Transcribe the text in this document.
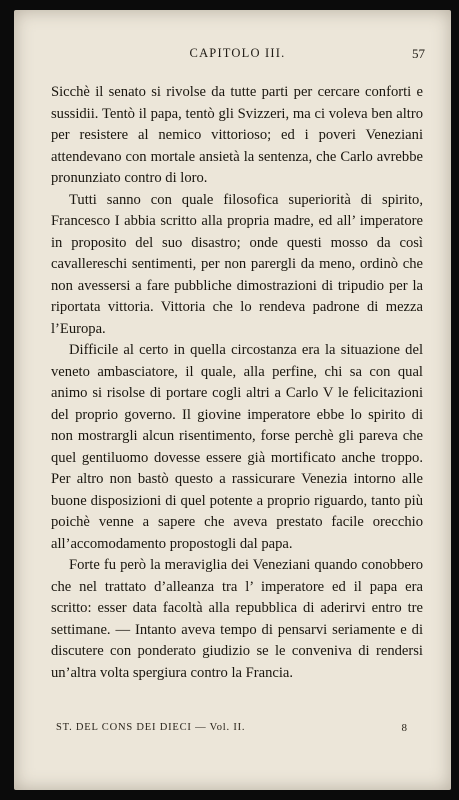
CAPITOLO III.	57

Sicchè il senato si rivolse da tutte parti per cercare conforti e sussidii. Tentò il papa, tentò gli Svizzeri, ma ci voleva ben altro per resistere al nemico vittorioso; ed i poveri Veneziani attendevano con mortale ansietà la sentenza, che Carlo avrebbe pronunziato contro di loro.

Tutti sanno con quale filosofica superiorità di spirito, Francesco I abbia scritto alla propria madre, ed all’ imperatore in proposito del suo disastro; onde questi mosso da così cavallereschi sentimenti, per non parergli da meno, ordinò che non avessersi a fare pubbliche dimostrazioni di tripudio per la riportata vittoria. Vittoria che lo rendeva padrone di mezza l’Europa.

Difficile al certo in quella circostanza era la situazione del veneto ambasciatore, il quale, alla perfine, chi sa con qual animo si risolse di portare cogli altri a Carlo V le felicitazioni del proprio governo. Il giovine imperatore ebbe lo spirito di non mostrargli alcun risentimento, forse perchè gli pareva che quel gentiluomo dovesse essere già mortificato anche troppo. Per altro non bastò questo a rassicurare Venezia intorno alle buone disposizioni di quel potente a proprio riguardo, tanto più poichè venne a sapere che aveva prestato facile orecchio all’accomodamento propostogli dal papa.

Forte fu però la meraviglia dei Veneziani quando conobbero che nel trattato d’alleanza tra l’ imperatore ed il papa era scritto: esser data facoltà alla repubblica di aderirvi entro tre settimane. — Intanto aveva tempo di pensarvi seriamente e di discutere con ponderato giudizio se le conveniva di rendersi un’altra volta spergiura contro la Francia.

ST. DEL CONS DEI DIECI — Vol. II.	8
